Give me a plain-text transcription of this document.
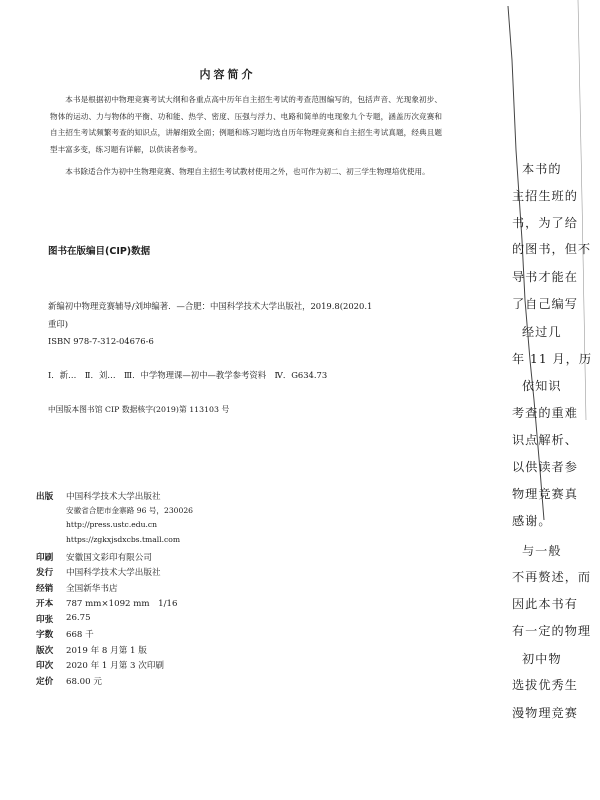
内容简介

本书是根据初中物理竞赛考试大纲和各重点高中历年自主招生考试的考查范围编写的，包括声音、光现象初步、物体的运动、力与物体的平衡、功和能、热学、密度、压强与浮力、电路和简单的电现象九个专题，涵盖历次竞赛和自主招生考试频繁考查的知识点，讲解细致全面；例题和练习题均选自历年物理竞赛和自主招生考试真题，经典且题型丰富多变，练习题有详解，以供读者参考。

本书除适合作为初中生物理竞赛、物理自主招生考试教材使用之外，也可作为初二、初三学生物理培优使用。

图书在版编目(CIP)数据
新编初中物理竞赛辅导/刘坤编著．—合肥：中国科学技术大学出版社，2019.8(2020.1
重印)
ISBN 978-7-312-04676-6
Ⅰ．新…　Ⅱ．刘…　Ⅲ．中学物理课—初中—教学参考资料　Ⅳ．G634.73
中国版本图书馆 CIP 数据核字(2019)第 113103 号
出版 中国科学技术大学出版社
安徽省合肥市金寨路 96 号，230026
http://press.ustc.edu.cn
https://zgkxjsdxcbs.tmall.com
印刷 安徽国文彩印有限公司
发行 中国科学技术大学出版社
经销 全国新华书店
开本 787 mm×1092 mm　1/16
印张 26.75
字数 668 千
版次 2019 年 8 月第 1 版
印次 2020 年 1 月第 3 次印刷
定价 68.00 元
本书的
主招生班的
书，为了给
的图书，但不
导书才能在
了自己编写
经过几
年 11 月，历
依知识
考查的重难
识点解析、
以供读者参
物理竞赛真
感谢。
与一般
不再赘述，而
因此本书有
有一定的物理
初中物
选拔优秀生
漫物理竞赛
